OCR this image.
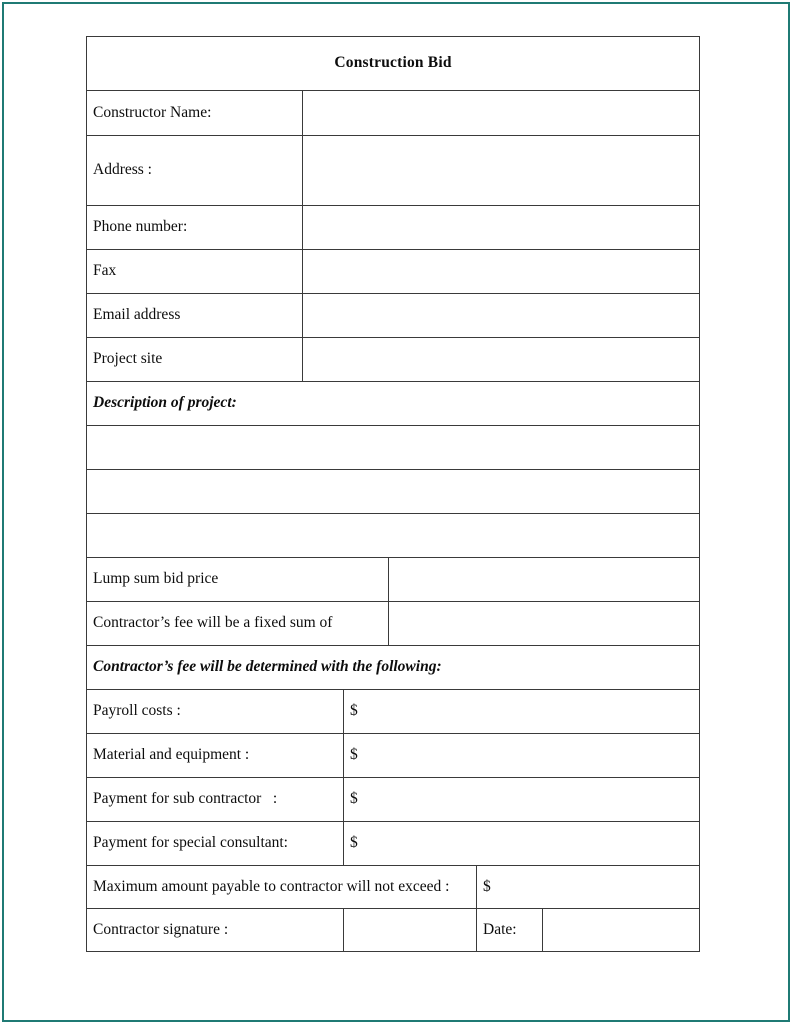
Construction Bid					
Constructor Name:					
Address :					
Phone number:					
Fax					
Email address					
Project site					
Description of project:					

Lump sum bid price					
Contractor’s fee will be a fixed sum of					
Contractor’s fee will be determined with the following:					
Payroll costs :		$			
Material and equipment :		$			

Payment for sub contractor   :		$			
Payment for special consultant:		$			
Maximum amount payable to contractor will not exceed :				$	
Contractor signature :				Date:	
